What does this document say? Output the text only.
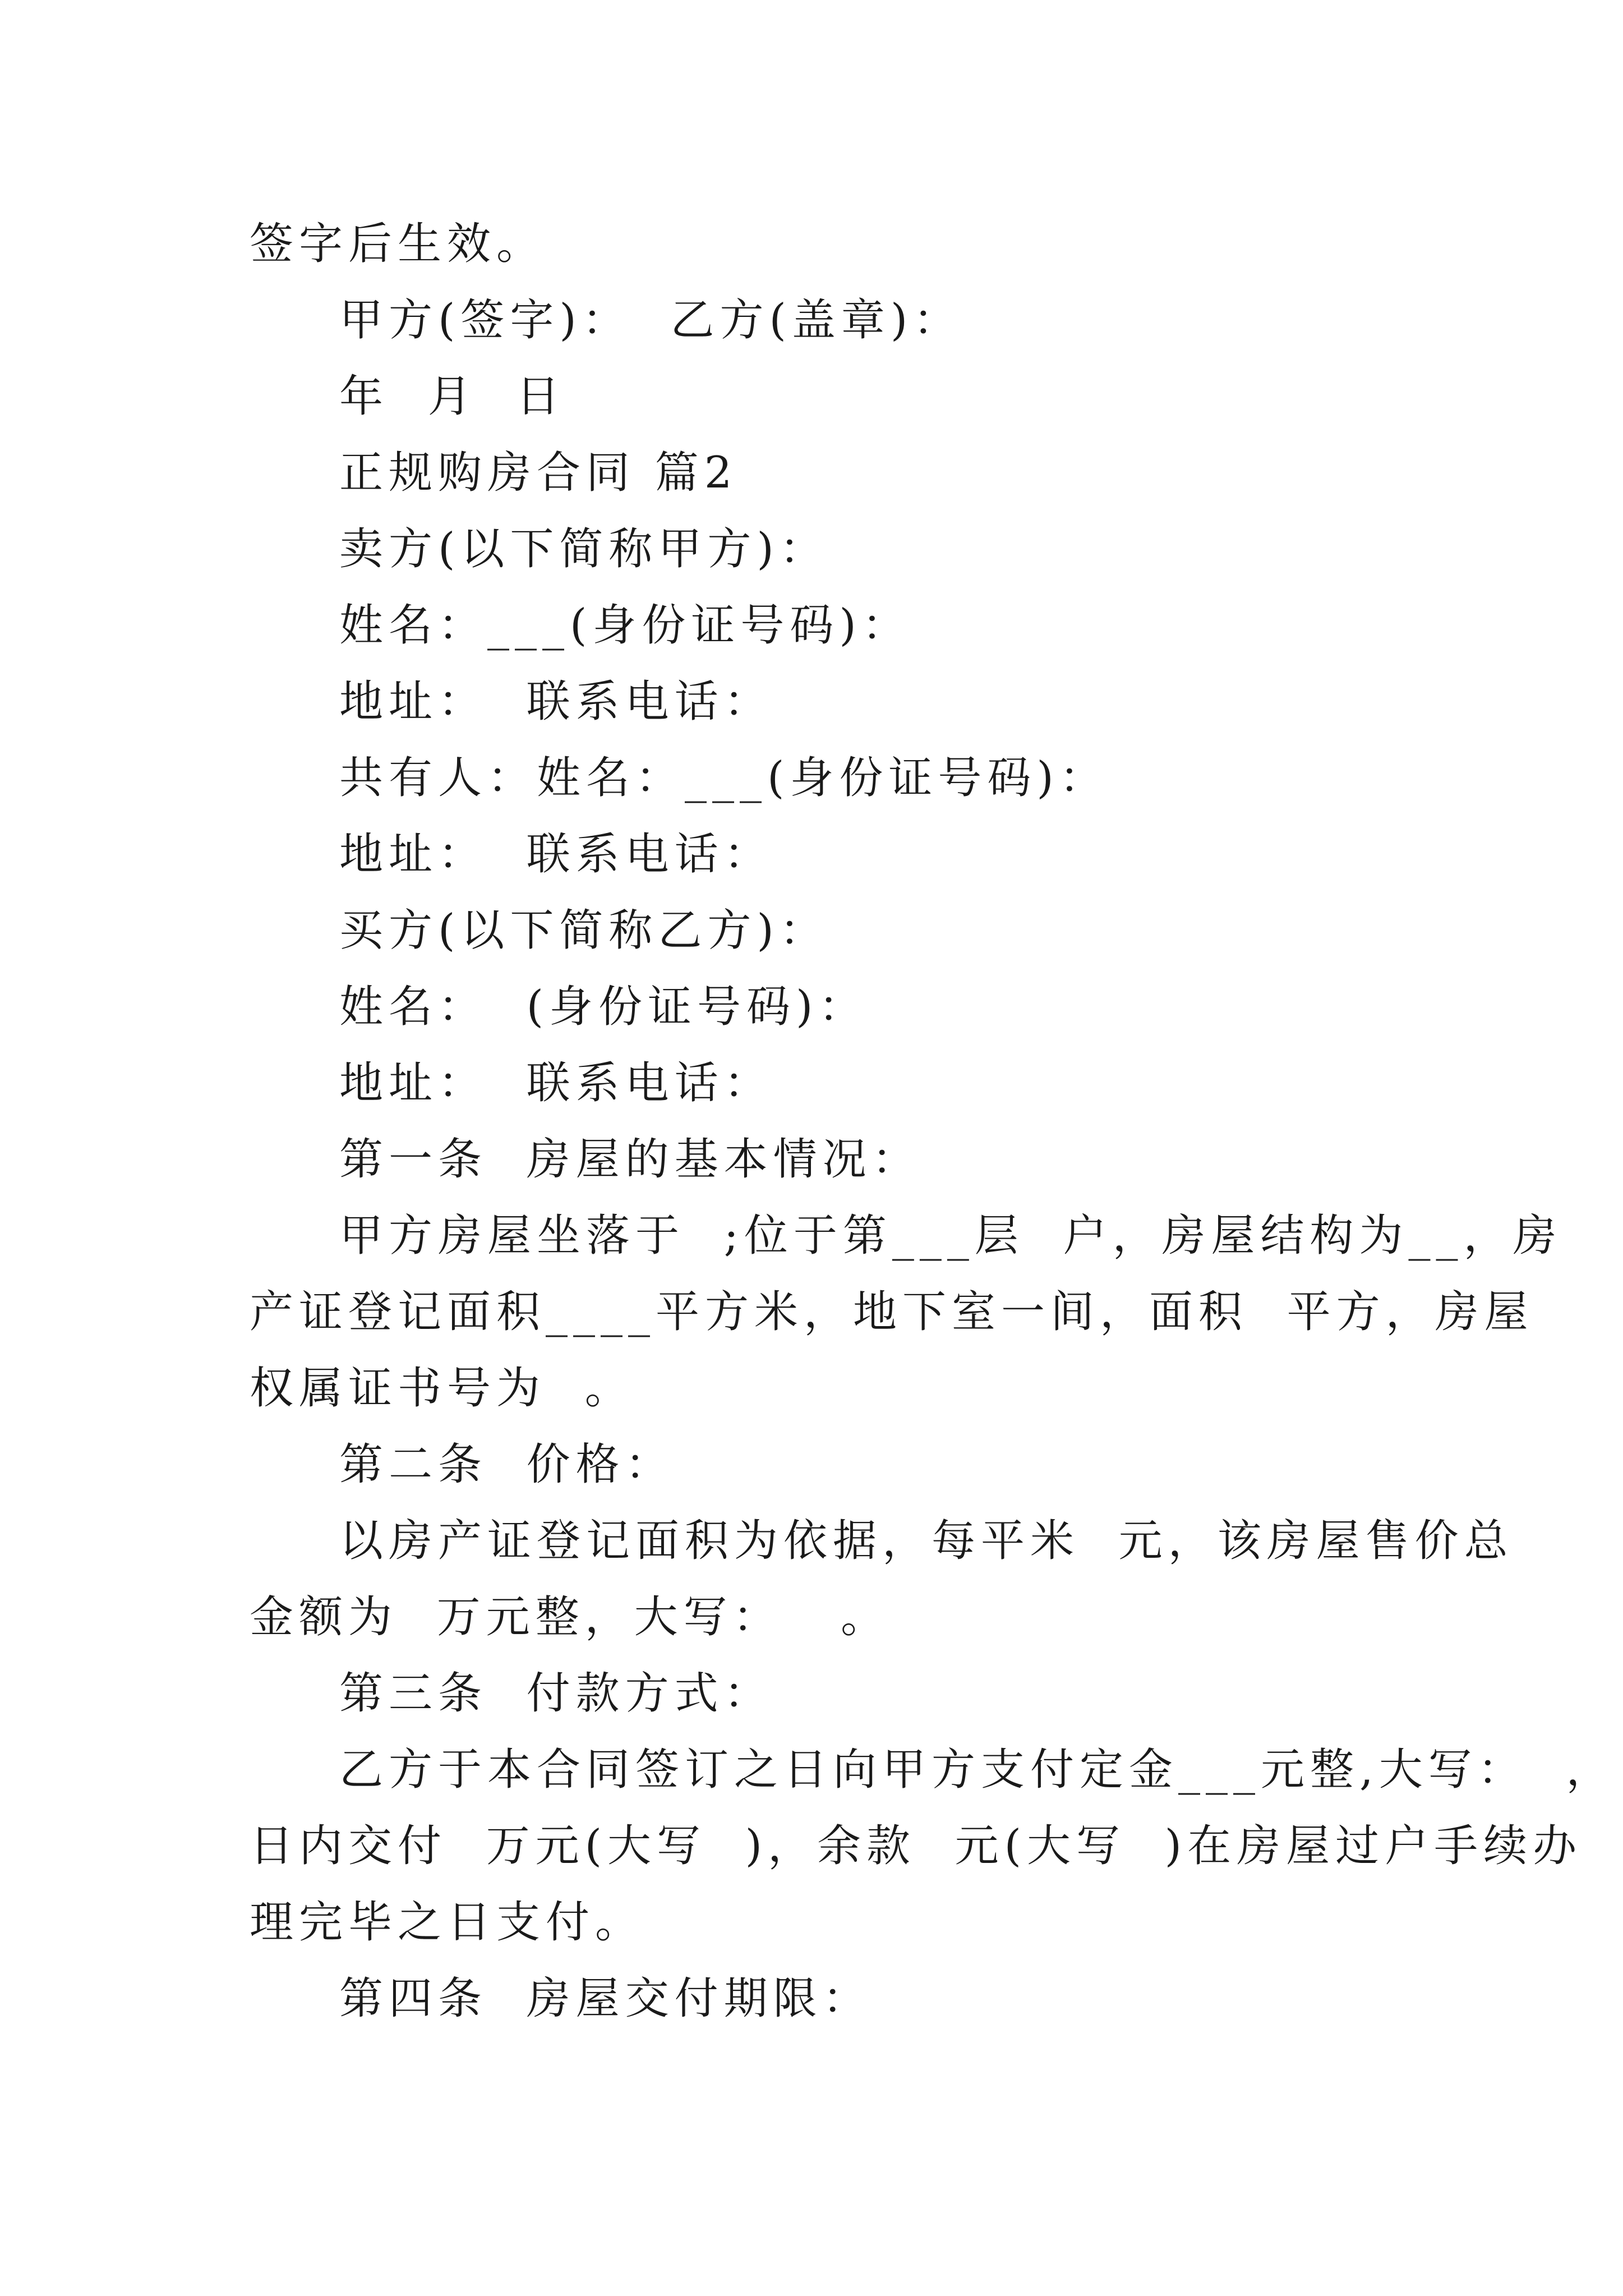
签字后生效。

甲方(签字)：  乙方(盖章)：

年  月  日

正规购房合同 篇2

卖方(以下简称甲方)：

姓名：___(身份证号码)：

地址：  联系电话：

共有人：姓名：___(身份证号码)：

地址：  联系电话：

买方(以下简称乙方)：

姓名：  (身份证号码)：

地址：  联系电话：

第一条  房屋的基本情况：

甲方房屋坐落于  ;位于第___层  户，房屋结构为__，房

产证登记面积____平方米，地下室一间，面积  平方，房屋

权属证书号为  。

第二条  价格：

以房产证登记面积为依据，每平米  元，该房屋售价总

金额为  万元整，大写：   。

第三条  付款方式：

乙方于本合同签订之日向甲方支付定金___元整,大写：  ，

日内交付  万元(大写  )，余款  元(大写  )在房屋过户手续办

理完毕之日支付。

第四条  房屋交付期限：
